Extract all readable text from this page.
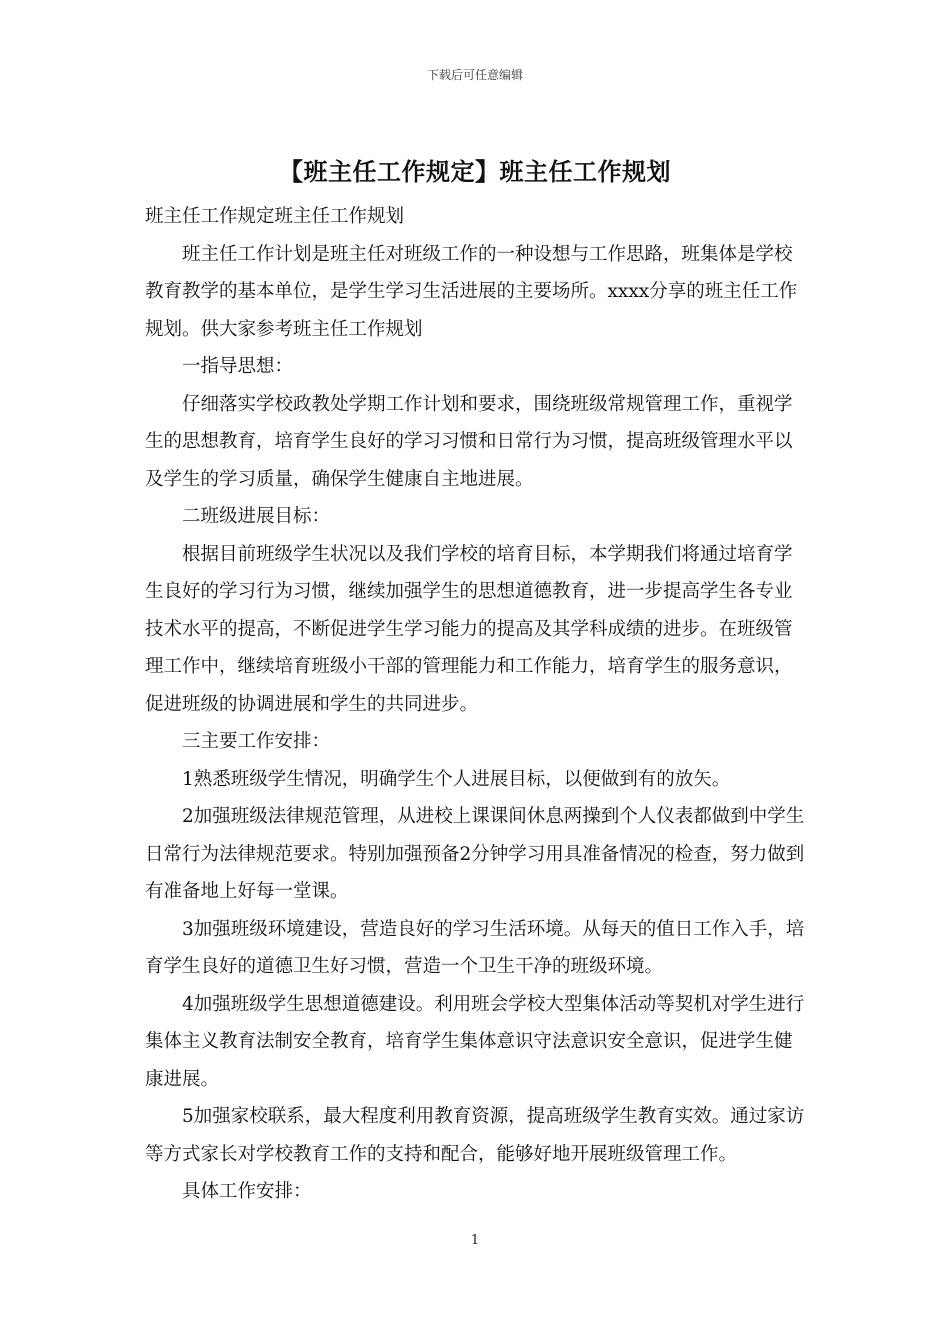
下载后可任意编辑
【班主任工作规定】班主任工作规划

班主任工作规定班主任工作规划

班主任工作计划是班主任对班级工作的一种设想与工作思路，班集体是学校教育教学的基本单位，是学生学习生活进展的主要场所。xxxx分享的班主任工作规划。供大家参考班主任工作规划

一指导思想：

仔细落实学校政教处学期工作计划和要求，围绕班级常规管理工作，重视学生的思想教育，培育学生良好的学习习惯和日常行为习惯，提高班级管理水平以及学生的学习质量，确保学生健康自主地进展。

二班级进展目标：

根据目前班级学生状况以及我们学校的培育目标，本学期我们将通过培育学生良好的学习行为习惯，继续加强学生的思想道德教育，进一步提高学生各专业技术水平的提高，不断促进学生学习能力的提高及其学科成绩的进步。在班级管理工作中，继续培育班级小干部的管理能力和工作能力，培育学生的服务意识，促进班级的协调进展和学生的共同进步。

三主要工作安排：

1熟悉班级学生情况，明确学生个人进展目标，以便做到有的放矢。

2加强班级法律规范管理，从进校上课课间休息两操到个人仪表都做到中学生日常行为法律规范要求。特别加强预备2分钟学习用具准备情况的检查，努力做到有准备地上好每一堂课。

3加强班级环境建设，营造良好的学习生活环境。从每天的值日工作入手，培育学生良好的道德卫生好习惯，营造一个卫生干净的班级环境。

4加强班级学生思想道德建设。利用班会学校大型集体活动等契机对学生进行集体主义教育法制安全教育，培育学生集体意识守法意识安全意识，促进学生健康进展。

5加强家校联系，最大程度利用教育资源，提高班级学生教育实效。通过家访等方式家长对学校教育工作的支持和配合，能够好地开展班级管理工作。

具体工作安排：

1
